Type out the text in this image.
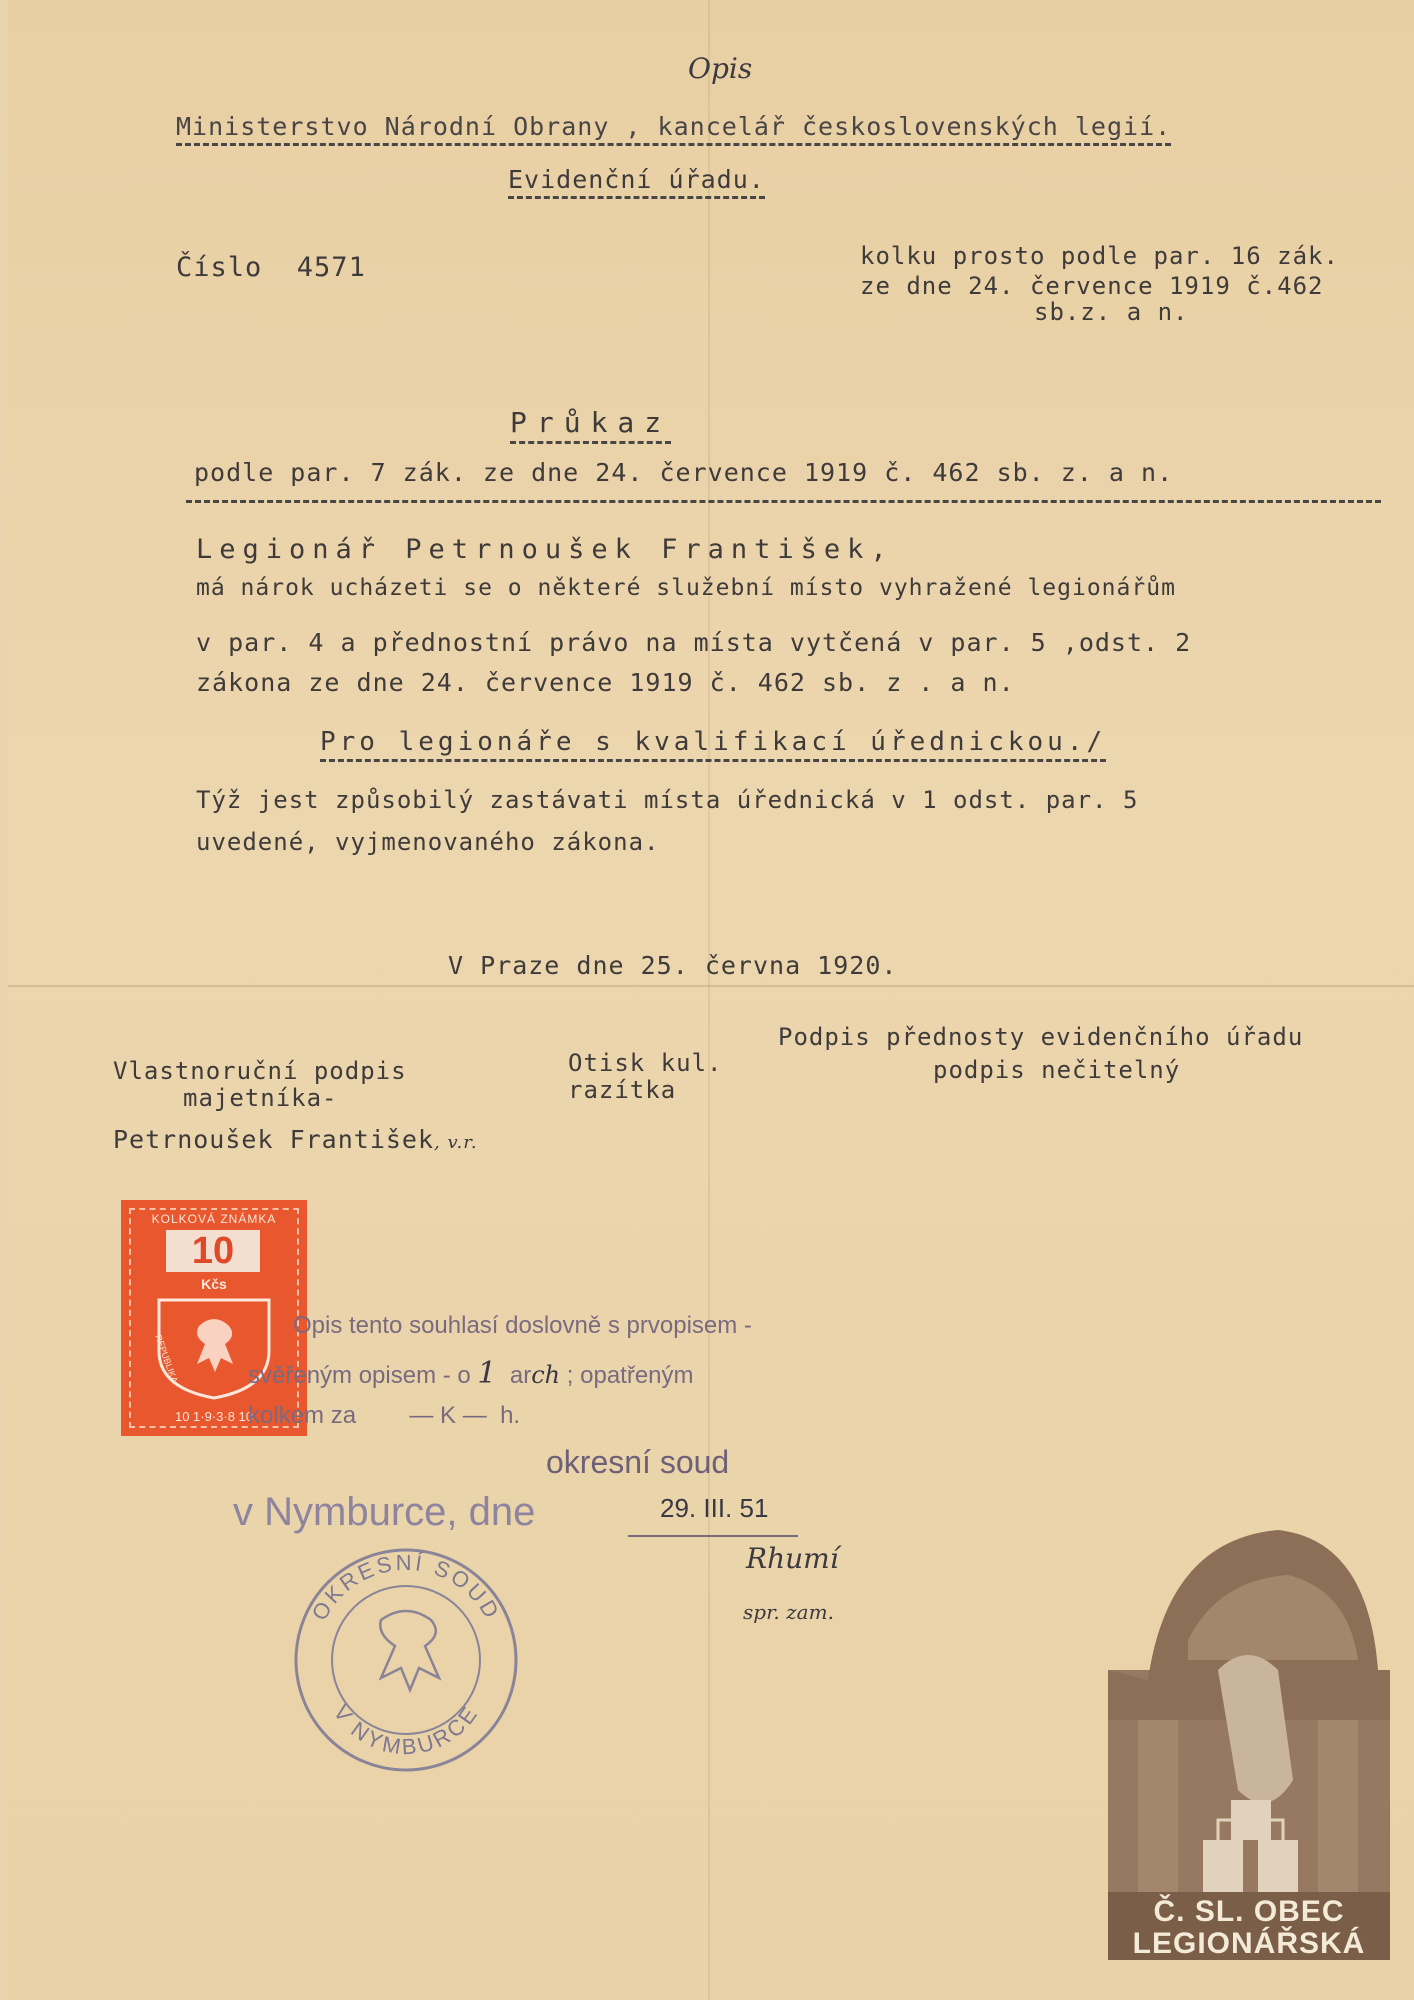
Opis
Ministerstvo Národní Obrany , kancelář československých legií.
Evidenční úřadu.
Číslo 4571	kolku prosto podle par. 16 zák.
ze dne 24. července 1919 č.462
sb.z. a n.
Průkaz
podle par. 7 zák. ze dne 24. července 1919 č. 462 sb. z. a n.
Legionář Petrnoušek František,
má nárok ucházeti se o některé služební místo vyhražené legionářům
v par. 4 a přednostní právo na místa vytčená v par. 5 ,odst. 2
zákona ze dne 24. července 1919 č. 462 sb. z . a n.
Pro legionáře s kvalifikací úřednickou./
Týž jest způsobilý zastávati místa úřednická v 1 odst. par. 5
uvedené, vyjmenovaného zákona.
V Praze dne 25. června 1920.
Vlastnoruční podpis
majetníka-
Otisk kul.
razítka
Podpis přednosty evidenčního úřadu
podpis nečitelný
Petrnoušek František, v.r.
KOLKOVÁ ZNÁMKA
10
Kčs
REPUBLIKA
10 1·9·3·8 10
Opis tento souhlasí doslovně s prvopisem -
svěřeným opisem - o 1 arch ; opatřeným
kolkem za — K — h.
okresní soud
v Nymburce, dne	29. III. 51
OKRESNÍ SOUD
V NYMBURCE
Rhumí
spr. zam.
Č. SL. OBEC
LEGIONÁŘSKÁ
